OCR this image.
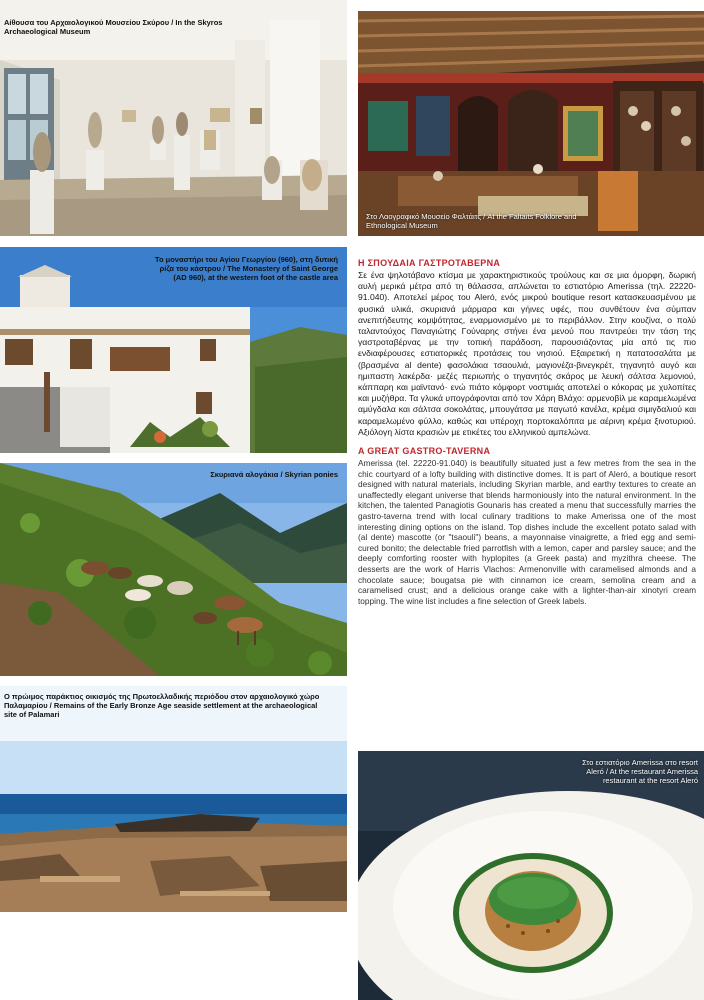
Αίθουσα του Αρχαιολογικού Μουσείου Σκύρου / In the Skyros Archaeological Museum
Στο Λαογραφικό Μουσείο Φαλτάιτς / At the Faltaits Folklore and Ethnological Museum
Το μοναστήρι του Αγίου Γεωργίου (960), στη δυτική ρίζα του κάστρου / The Monastery of Saint George (AD 960), at the western foot of the castle area
Σκυριανά αλογάκια / Skyrian ponies
Ο πρώιμος παράκτιος οικισμός της Πρωτοελλαδικής περιόδου στον αρχαιολογικό χώρο Παλαμαρίου / Remains of the Early Bronze Age seaside settlement at the archaeological site of Palamari
Στο εστιατόριο Amerissa στο resort Aleró / At the restaurant Amerissa restaurant at the resort Aleró
Η ΣΠΟΥΔΑΙΑ ΓΑΣΤΡΟΤΑΒΕΡΝΑ

Σε ένα ψηλοτάβανο κτίσμα με χαρακτηριστικούς τρούλους και σε μια όμορφη, δωρική αυλή μερικά μέτρα από τη θάλασσα, απλώνεται το εστιατόριο Amerissa (τηλ. 22220-91.040). Αποτελεί μέρος του Aleró, ενός μικρού boutique resort κατασκευασμένου με φυσικά υλικά, σκυριανά μάρμαρα και γήινες υφές, που συνθέτουν ένα σύμπαν ανεπιτήδευτης κομψότητας, εναρμονισμένο με το περιβάλλον. Στην κουζίνα, ο πολύ ταλαντούχος Παναγιώτης Γούναρης στήνει ένα μενού που παντρεύει την τάση της γαστροταβέρνας με την τοπική παράδοση, παρουσιάζοντας μία από τις πιο ενδιαφέρουσες εστιατορικές προτάσεις του νησιού. Εξαιρετική η πατατοσαλάτα με (βρασμένα al dente) φασολάκια τσαουλιά, μαγιονέζα-βινεγκρέτ, τηγανητό αυγό και ημιπαστη λακέρδα· μεζές περιωπής ο τηγανητός σκάρος με λευκή σάλτσα λεμονιού, κάππαρη και μαϊντανό· ενώ πιάτο κόμφορτ νοστιμιάς αποτελεί ο κόκορας με χυλοπίτες και μυζήθρα. Τα γλυκά υπογράφονται από τον Χάρη Βλάχο: αρμενοβίλ με καραμελωμένα αμύγδαλα και σάλτσα σοκολάτας, μπουγάτσα με παγωτό κανέλα, κρέμα σιμιγδαλιού και καραμελωμένο φύλλο, καθώς και υπέροχη πορτοκαλόπιτα με αέρινη κρέμα ξινοτυριού. Αξιόλογη λίστα κρασιών με ετικέτες του ελληνικού αμπελώνα.

A GREAT GASTRO-TAVERNA

Amerissa (tel. 22220-91.040) is beautifully situated just a few metres from the sea in the chic courtyard of a lofty building with distinctive domes. It is part of Aleró, a boutique resort designed with natural materials, including Skyrian marble, and earthy textures to create an unaffectedly elegant universe that blends harmoniously into the natural environment. In the kitchen, the talented Panagiotis Gounaris has created a menu that successfully marries the gastro-taverna trend with local culinary traditions to make Amerissa one of the most interesting dining options on the island. Top dishes include the excellent potato salad with (al dente) mascotte (or "tsaouli") beans, a mayonnaise vinaigrette, a fried egg and semi-cured bonito; the delectable fried parrotfish with a lemon, caper and parsley sauce; and the deeply comforting rooster with hyplopites (a Greek pasta) and myzithra cheese. The desserts are the work of Harris Vlachos: Armenonville with caramelised almonds and a chocolate sauce; bougatsa pie with cinnamon ice cream, semolina cream and a caramelised crust; and a delicious orange cake with a lighter-than-air xinotyri cream topping. The wine list includes a fine selection of Greek labels.
